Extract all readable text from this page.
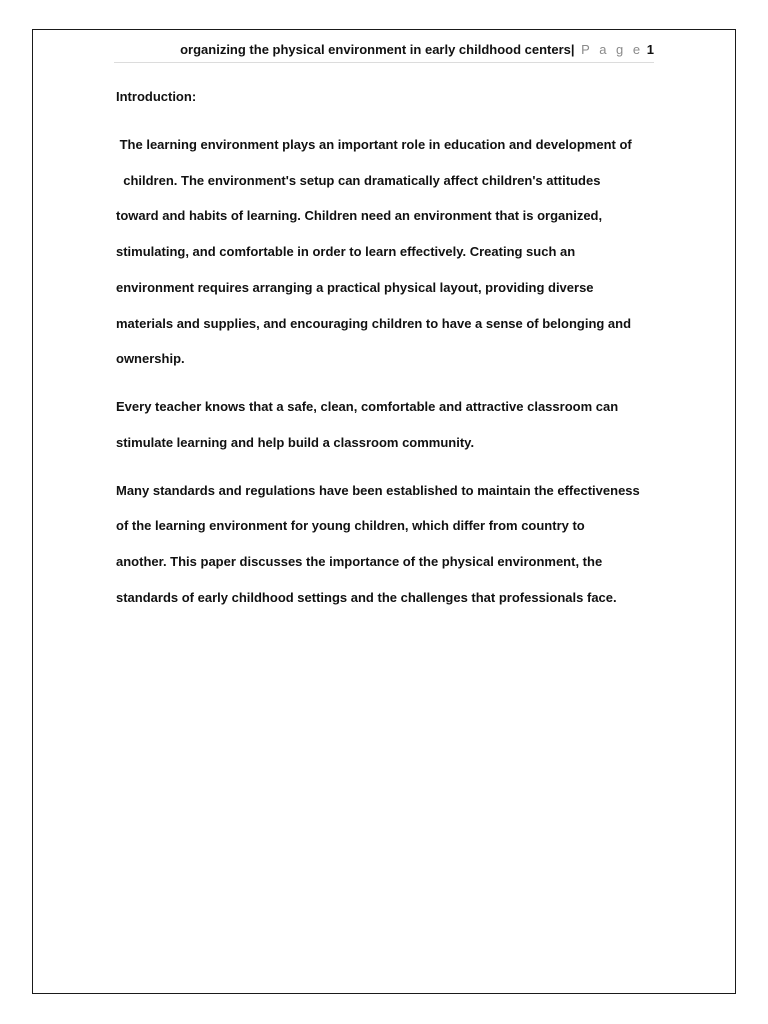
organizing the physical environment in early childhood centers| P a g e 1
Introduction:
The learning environment plays an important role in education and development of
children. The environment's setup can dramatically affect children's attitudes
toward and habits of learning. Children need an environment that is organized,
stimulating, and comfortable in order to learn effectively. Creating such an
environment requires arranging a practical physical layout, providing diverse
materials and supplies, and encouraging children to have a sense of belonging and
ownership.
Every teacher knows that a safe, clean, comfortable and attractive classroom can
stimulate learning and help build a classroom community.
Many standards and regulations have been established to maintain the effectiveness
of the learning environment for young children, which differ from country to
another. This paper discusses the importance of the physical environment, the
standards of early childhood settings and the challenges that professionals face.
